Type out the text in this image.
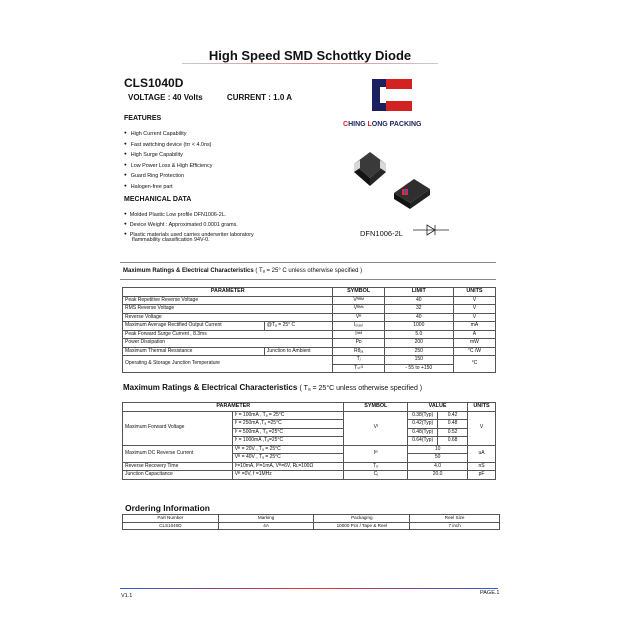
High Speed SMD Schottky Diode
CLS1040D
VOLTAGE : 40 Volts	CURRENT : 1.0 A
FEATURES
● High Current Capability
● Fast switching device (trr < 4.0ns)
● High Surge Capability
● Low Power Loss & High Efficiency
● Guard Ring Protection
● Halogen-free part
MECHANICAL DATA
● Molded Plastic Low profile DFN1006-2L.
● Device Weight : Approximated 0.0001 grams.
● Plastic materials used carries underwriter laboratory
flammability classification 94V-0.
CHING LONG PACKING
DFN1006-2L
Maximum Ratings & Electrical Characteristics ( Tₐ = 25° C unless otherwise specified )
PARAMETER		SYMBOL	LIMIT	UNITS
Peak Repetitive Reverse Voltage		Vᴿᴿᴹ	40	V
RMS Reverse Voltage		Vᴿᴹˢ	32	V
Reverse Voltage		Vᴿ	40	V
Maximum Average Rectified Output Current	@Tₐ = 25° C	Iₒ₍ₐᵥ₎	1000	mA
Peak Forward Surge Current , 8.3ms		Iᶠˢᴹ	5.0	A
Power Dissipation		Pᴅ	200	mW
Maximum Thermal Resistance	Junction to Ambient	Rθⱼₐ	250	°C /W
Operating & Storage Junction Temperature		Tⱼ	150	°C
		Tₛₜᴳ	- 55 to +150	
Maximum Ratings & Electrical Characteristics ( Tₐ = 25°C unless otherwise specified )
PARAMETER		SYMBOL	VALUE		UNITS
Maximum Forward Voltage	Iᶠ = 100mA , Tₐ = 25°C	Vᶠ	0.38(Typ)	0.42	V
	Iᶠ = 250mA ,Tₐ =25°C		0.42(Typ)	0.48	
	Iᶠ = 500mA , Tₐ =25°C		0.48(Typ)	0.52	
	Iᶠ = 1000mA ,Tₐ=25°C		0.64(Typ)	0.68	
Maximum DC Reverse Current	Vᴿ = 20V , Tₐ = 25°C	Iᴿ	10		uA
	Vᴿ = 40V , Tₐ = 25°C		50		
Reverse Recovery Time	Iᶠ=10mA, Iᴿ=1mA, Vᴿ=6V, Rʟ=100Ω	Tᵣᵣ	4.0		nS
Junction Capacitance	Vᴿ =0V, f =1MHz	Cⱼ	20.0		pF
Ordering Information
Part Number	Marking	Packaging	Reel Size
CLS1040D	4A	10000 Pcs / Tape & Reel	7 inch
V1.1	PAGE.1
